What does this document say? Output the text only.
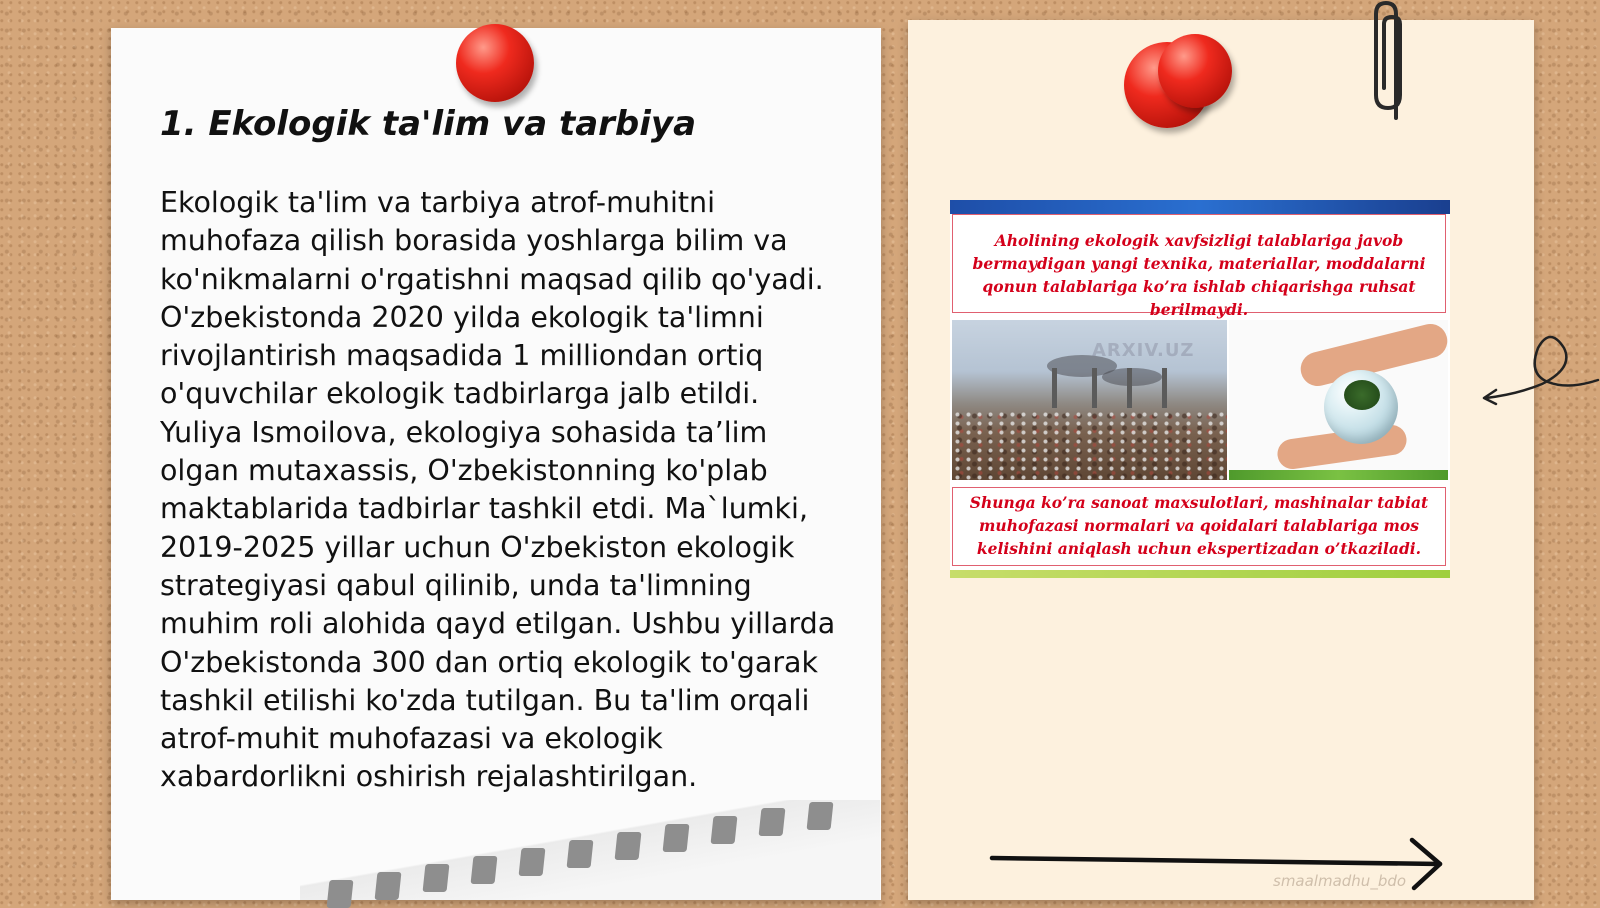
1. Ekologik ta'lim va tarbiya

Ekologik ta'lim va tarbiya atrof-muhitni muhofaza qilish borasida yoshlarga bilim va ko'nikmalarni o'rgatishni maqsad qilib qo'yadi. O'zbekistonda 2020 yilda ekologik ta'limni rivojlantirish maqsadida 1 milliondan ortiq o'quvchilar ekologik tadbirlarga jalb etildi. Yuliya Ismoilova, ekologiya sohasida ta’lim olgan mutaxassis, O'zbekistonning ko'plab maktablarida tadbirlar tashkil etdi. Ma`lumki, 2019-2025 yillar uchun O'zbekiston ekologik strategiyasi qabul qilinib, unda ta'limning muhim roli alohida qayd etilgan. Ushbu yillarda O'zbekistonda 300 dan ortiq ekologik to'garak tashkil etilishi ko'zda tutilgan. Bu ta'lim orqali atrof-muhit muhofazasi va ekologik xabardorlikni oshirish rejalashtirilgan.

Aholining ekologik xavfsizligi talablariga javob bermaydigan yangi texnika, materiallar, moddalarni qonun talablariga ko’ra ishlab chiqarishga ruhsat berilmaydi.
Shunga ko’ra sanoat maxsulotlari, mashinalar tabiat muhofazasi normalari va qoidalari talablariga mos kelishini aniqlash uchun ekspertizadan o’tkaziladi.
ARXIV.UZ
smaalmadhu_bdo
